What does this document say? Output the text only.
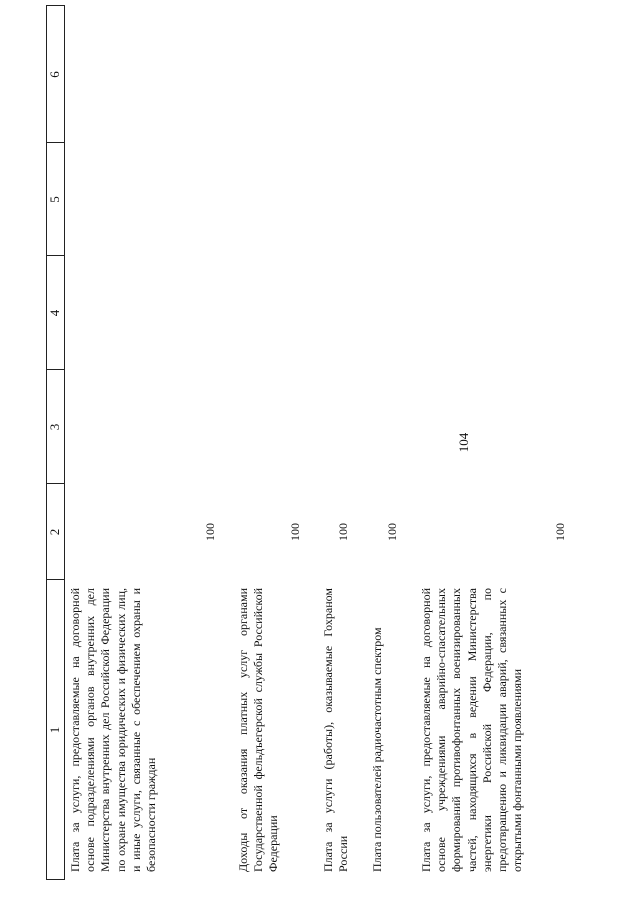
1
2
3
4
5
6
Плата за услуги, предоставляемые на договорной основе подразделениями органов внутренних дел Министерства внутренних дел Российской Федерации по охране имущества юридических и физических лиц, и иные услуги, связанные с обеспечением охраны и безопасности граждан
100
Доходы от оказания платных услуг органами Государственной фельдъегерской службы Российской Федерации
100
Плата за услуги (работы), оказываемые Гохраном России
100
Плата пользователей радиочастотным спектром
100
Плата за услуги, предоставляемые на договорной основе учреждениями аварийно-спасательных формирований противофонтанных военизированных частей, находящихся в ведении Министерства энергетики Российской Федерации, по предотвращению и ликвидации аварий, связанных с открытыми фонтанными проявлениями
100
104
